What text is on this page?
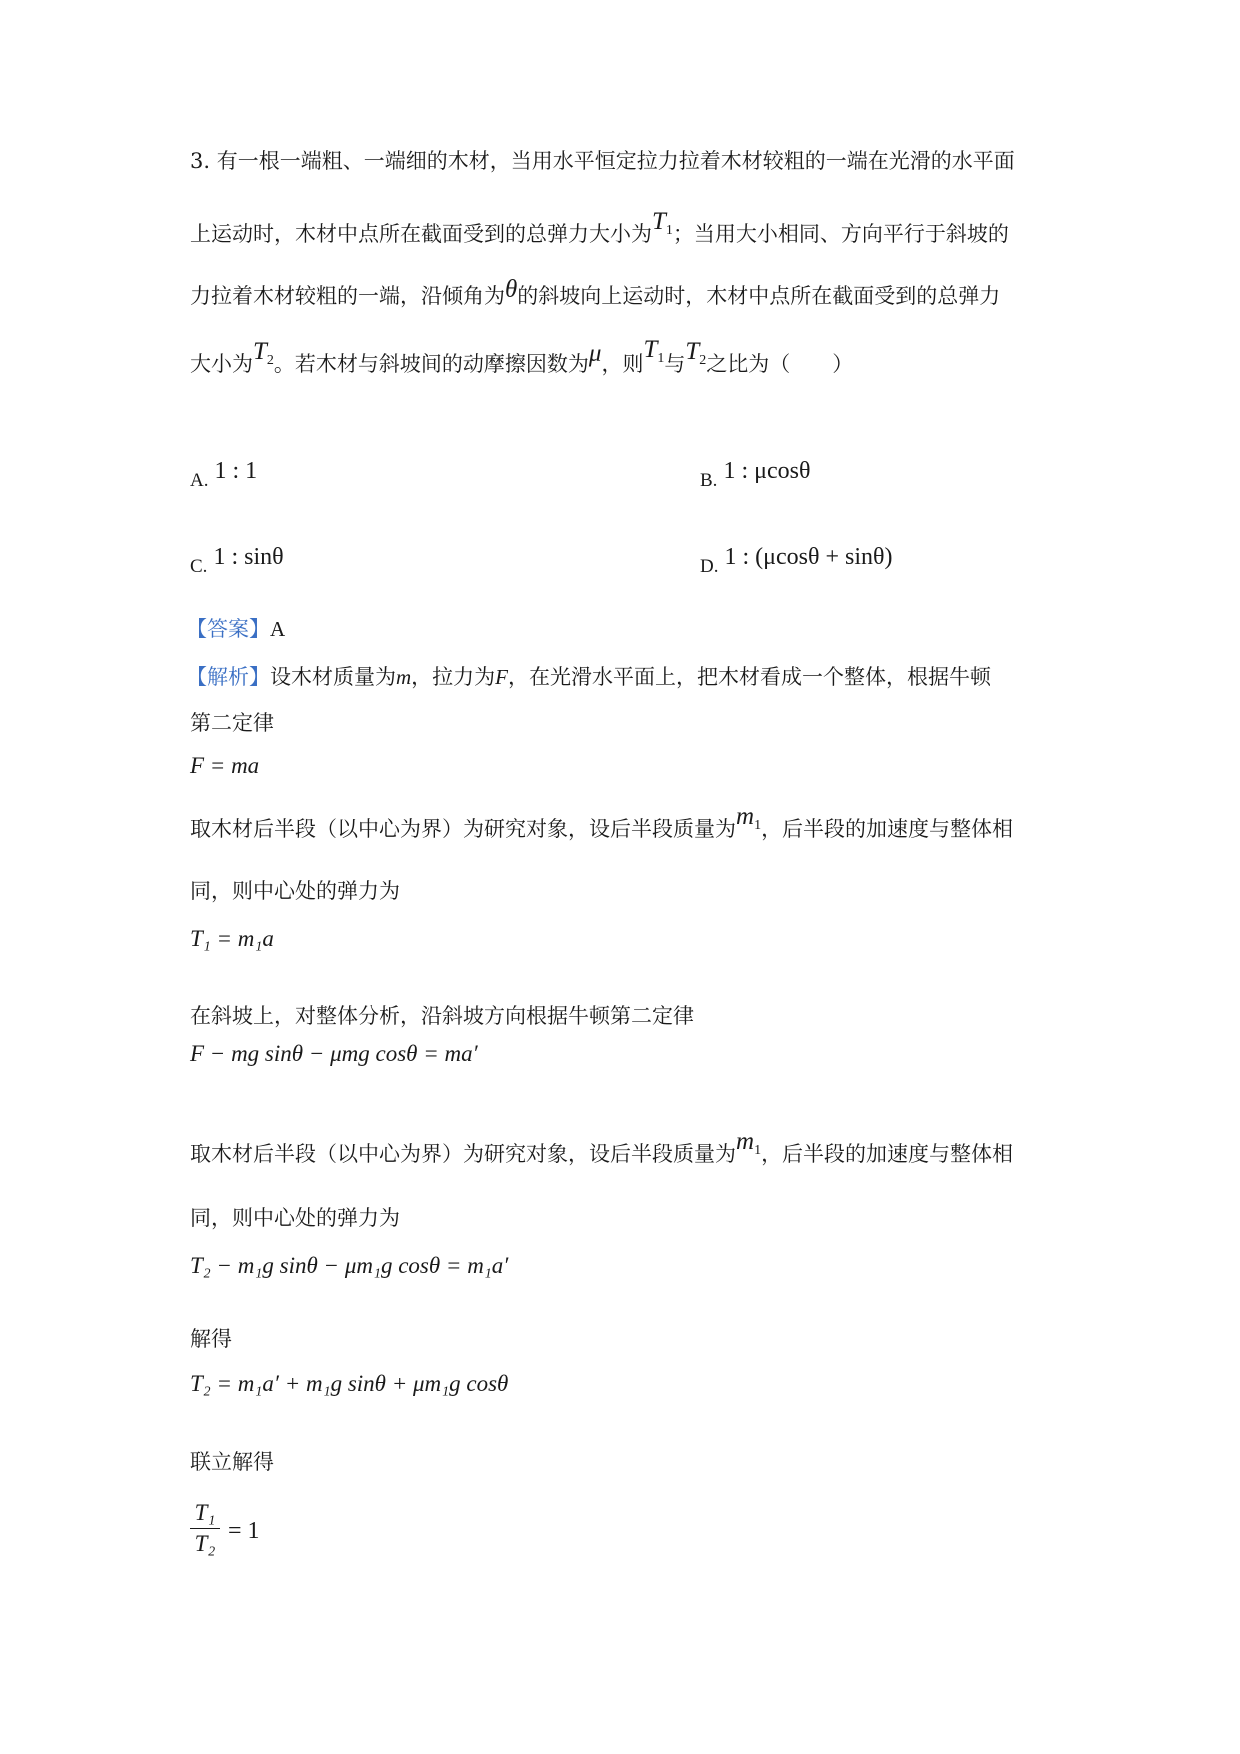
3. 有一根一端粗、一端细的木材，当用水平恒定拉力拉着木材较粗的一端在光滑的水平面
上运动时，木材中点所在截面受到的总弹力大小为$T_1$；当用大小相同、方向平行于斜坡的
力拉着木材较粗的一端，沿倾角为θ的斜坡向上运动时，木材中点所在截面受到的总弹力
大小为$T_2$。若木材与斜坡间的动摩擦因数为μ，则$T_1$与$T_2$之比为（　　）
A. 1 : 1	B. 1 : μcosθ
C. 1 : sinθ	D. 1 : (μcosθ + sinθ)
【答案】A
【解析】设木材质量为m，拉力为F，在光滑水平面上，把木材看成一个整体，根据牛顿
第二定律
F = ma
取木材后半段（以中心为界）为研究对象，设后半段质量为$m_1$，后半段的加速度与整体相
同，则中心处的弹力为
T₁ = m₁a
在斜坡上，对整体分析，沿斜坡方向根据牛顿第二定律
F − mg sinθ − μmg cosθ = ma′
取木材后半段（以中心为界）为研究对象，设后半段质量为$m_1$，后半段的加速度与整体相
同，则中心处的弹力为
T₂ − m₁g sinθ − μm₁g cosθ = m₁a′
解得
T₂ = m₁a′ + m₁g sinθ + μm₁g cosθ
联立解得
T₁
T₂ = 1
